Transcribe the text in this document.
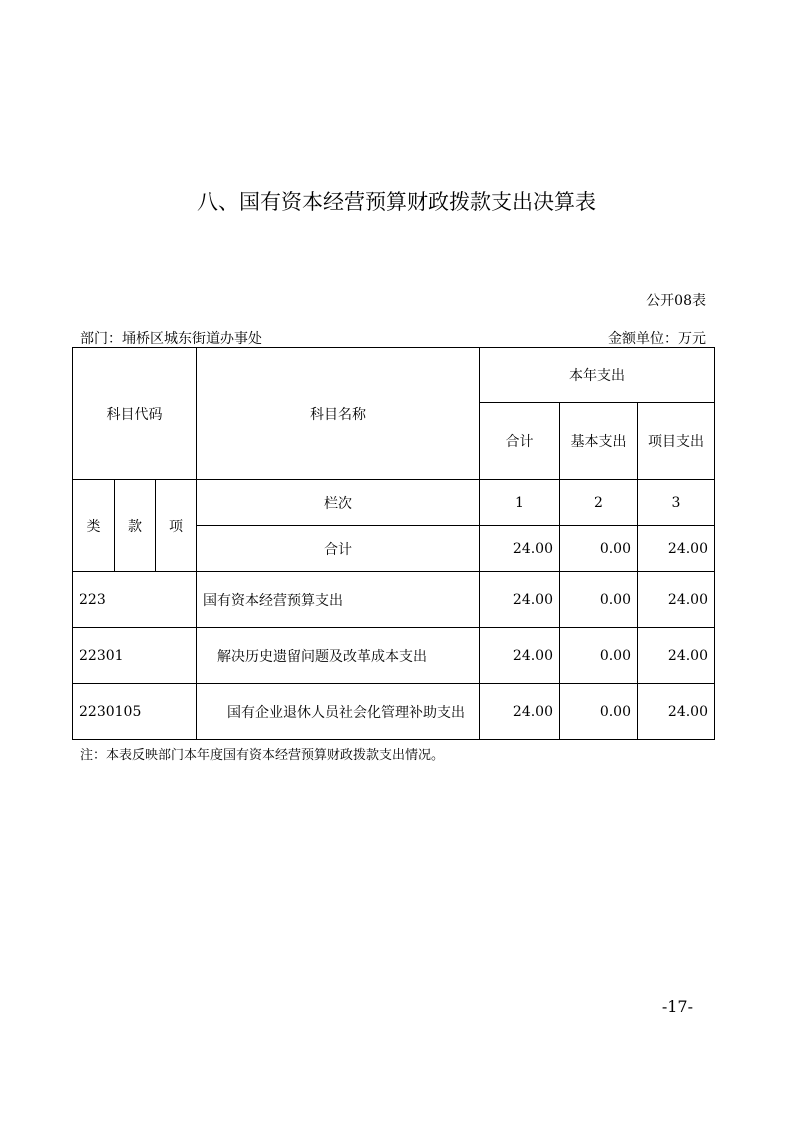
八、国有资本经营预算财政拨款支出决算表
公开08表
部门：埇桥区城东街道办事处	金额单位：万元
科目代码			科目名称	本年支出		
				合计	基本支出	项目支出
类	款	项	栏次	1	2	3
			合计	24.00	0.00	24.00
223			国有资本经营预算支出	24.00	0.00	24.00
22301			解决历史遗留问题及改革成本支出	24.00	0.00	24.00
2230105			国有企业退休人员社会化管理补助支出	24.00	0.00	24.00
注：本表反映部门本年度国有资本经营预算财政拨款支出情况。
-17-
